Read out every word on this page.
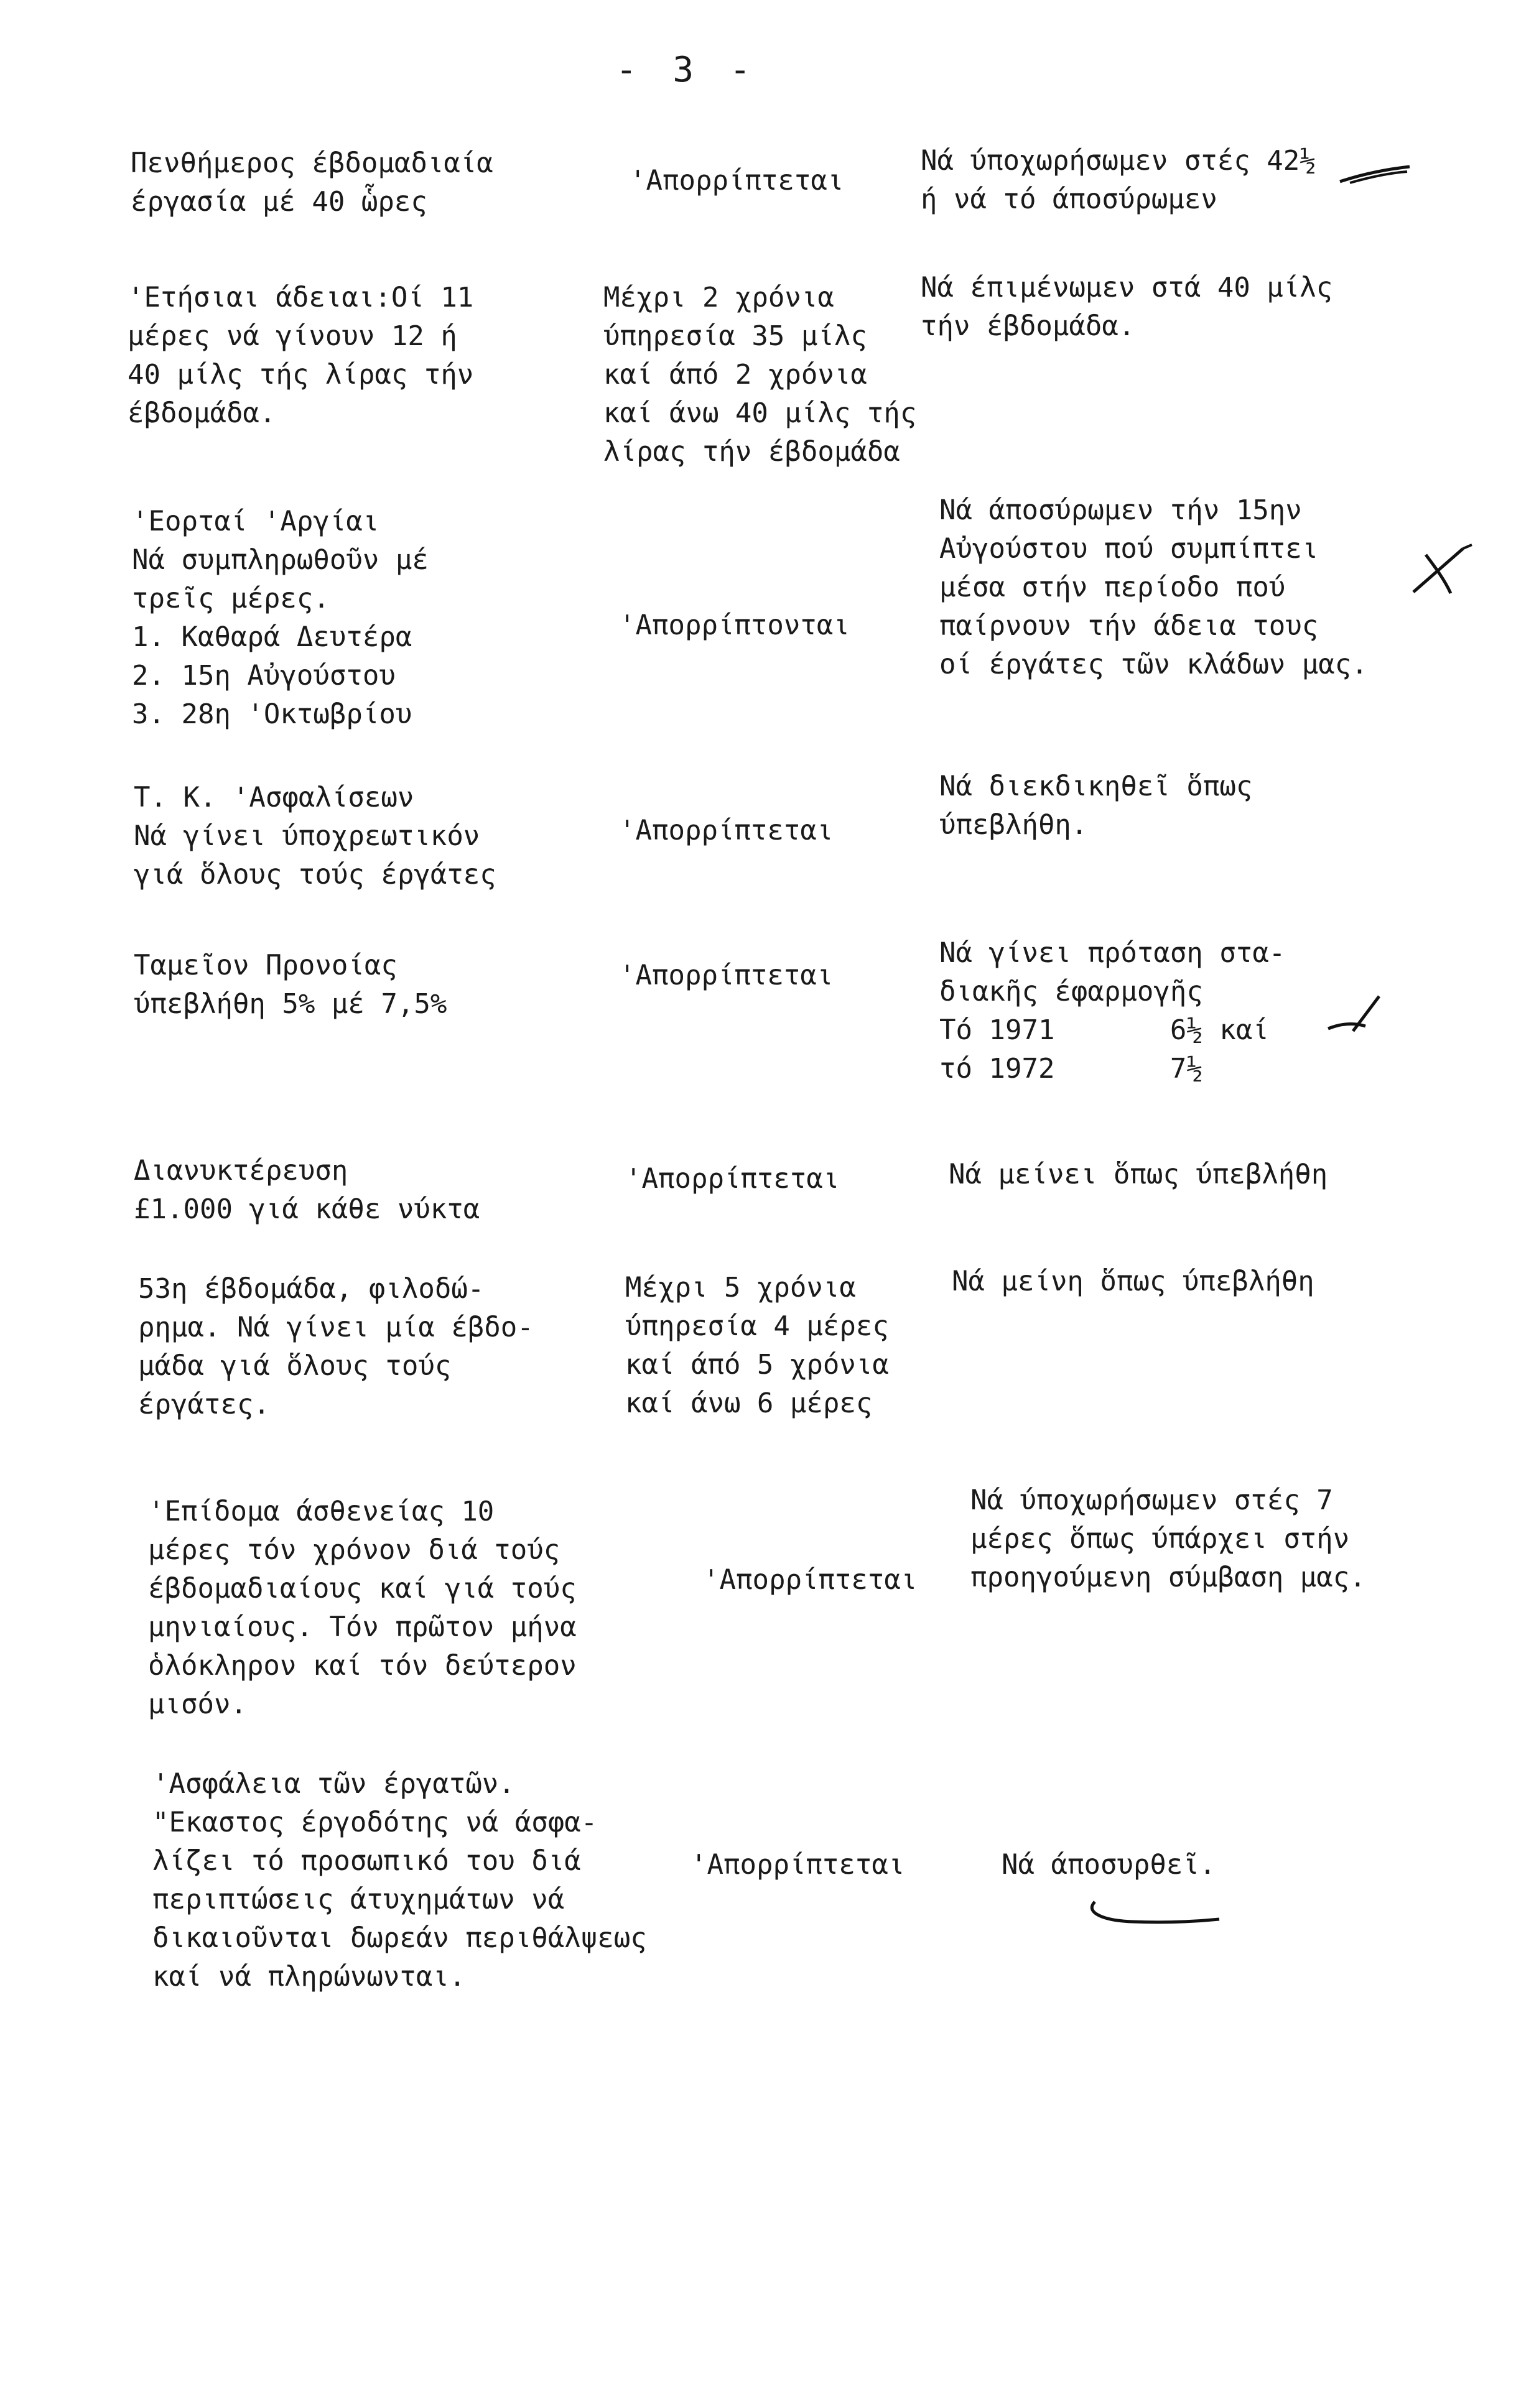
- 3 -
Πενθήμερος έβδομαδιαία
έργασία μέ 40 ὧρες
'Απορρίπτεται
Νά ύποχωρήσωμεν στές 42½
ή νά τό άποσύρωμεν
'Ετήσιαι άδειαι:Οί 11
μέρες νά γίνουν 12 ή
40 μίλς τής λίρας τήν
έβδομάδα.
Μέχρι 2 χρόνια
ύπηρεσία 35 μίλς
καί άπό 2 χρόνια
καί άνω 40 μίλς τής
λίρας τήν έβδομάδα
Νά έπιμένωμεν στά 40 μίλς
τήν έβδομάδα.
'Εορταί 'Αργίαι
Νά συμπληρωθοῦν μέ
τρεῖς μέρες.
1. Καθαρά Δευτέρα
2. 15η Αὐγούστου
3. 28η 'Οκτωβρίου
'Απορρίπτονται
Νά άποσύρωμεν τήν 15ην
Αὐγούστου πού συμπίπτει
μέσα στήν περίοδο πού
παίρνουν τήν άδεια τους
οί έργάτες τῶν κλάδων μας.
Τ. Κ. 'Ασφαλίσεων
Νά γίνει ύποχρεωτικόν
γιά ὅλους τούς έργάτες
'Απορρίπτεται
Νά διεκδικηθεῖ ὅπως
ύπεβλήθη.
Ταμεῖον Προνοίας
ύπεβλήθη 5% μέ 7,5%
'Απορρίπτεται
Νά γίνει πρόταση στα-
διακῆς έφαρμογῆς
Τό 1971       6½ καί
τό 1972       7½
Διανυκτέρευση
£1.000 γιά κάθε νύκτα
'Απορρίπτεται	Νά μείνει ὅπως ύπεβλήθη
53η έβδομάδα, φιλοδώ-
ρημα. Νά γίνει μία έβδο-
μάδα γιά ὅλους τούς
έργάτες.
Μέχρι 5 χρόνια
ύπηρεσία 4 μέρες
καί άπό 5 χρόνια
καί άνω 6 μέρες
Νά μείνη ὅπως ύπεβλήθη
'Επίδομα άσθενείας 10
μέρες τόν χρόνον διά τούς
έβδομαδιαίους καί γιά τούς
μηνιαίους. Τόν πρῶτον μήνα
ὁλόκληρον καί τόν δεύτερον
μισόν.
'Απορρίπτεται
Νά ύποχωρήσωμεν στές 7
μέρες ὅπως ύπάρχει στήν
προηγούμενη σύμβαση μας.
'Ασφάλεια τῶν έργατῶν.
"Εκαστος έργοδότης νά άσφα-
λίζει τό προσωπικό του διά
περιπτώσεις άτυχημάτων νά
δικαιοῦνται δωρεάν περιθάλψεως
καί νά πληρώνωνται.
'Απορρίπτεται	Νά άποσυρθεῖ.
